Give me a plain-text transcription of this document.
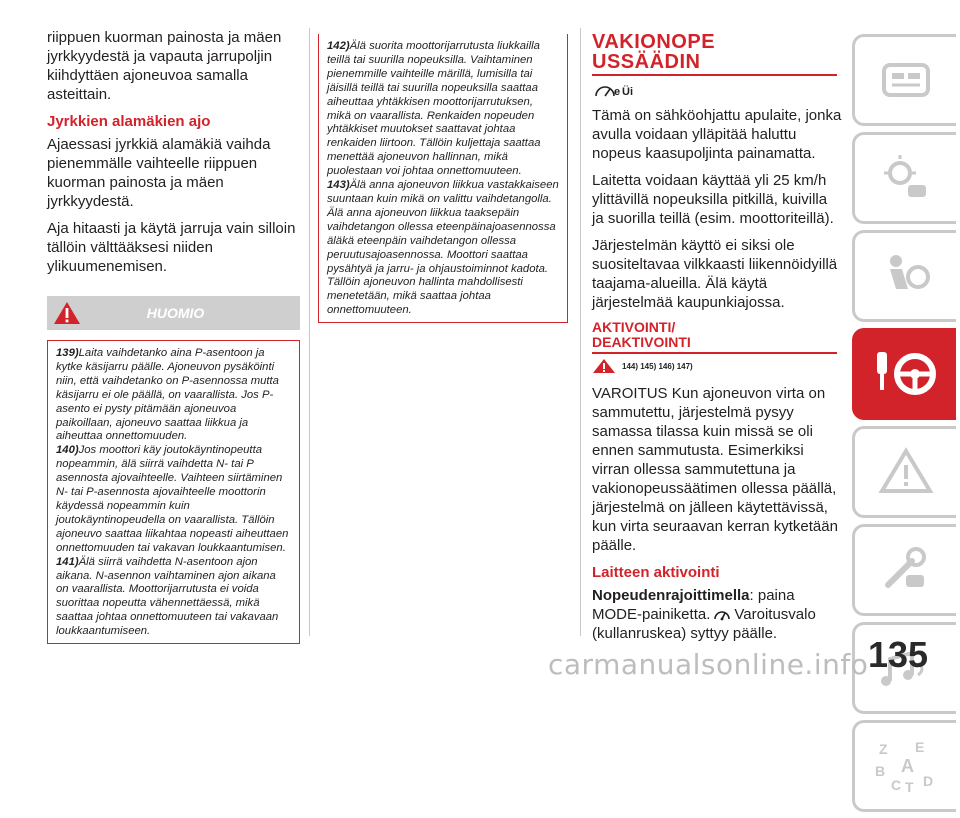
riippuen kuorman painosta ja mäen jyrkkyydestä ja vapauta jarrupoljin kiihdyttäen ajoneuvoa samalla asteittain.

Jyrkkien alamäkien ajo

Ajaessasi jyrkkiä alamäkiä vaihda pienemmälle vaihteelle riippuen kuorman painosta ja mäen jyrkkyydestä.

Aja hitaasti ja käytä jarruja vain silloin tällöin välttääksesi niiden ylikuumenemisen.

HUOMIO

139)Laita vaihdetanko aina P-asentoon ja kytke käsijarru päälle. Ajoneuvon pysäköinti niin, että vaihdetanko on P-asennossa mutta käsijarru ei ole päällä, on vaarallista. Jos P-asento ei pysty pitämään ajoneuvoa paikoillaan, ajoneuvo saattaa liikkua ja aiheuttaa onnettomuuden.

140)Jos moottori käy joutokäyntinopeutta nopeammin, älä siirrä vaihdetta N- tai P asennosta ajovaihteelle. Vaihteen siirtäminen N- tai P-asennosta ajovaihteelle moottorin käydessä nopeammin kuin joutokäyntinopeudella on vaarallista. Tällöin ajoneuvo saattaa liikahtaa nopeasti aiheuttaen onnettomuuden tai vakavan loukkaantumisen.

141)Älä siirrä vaihdetta N-asentoon ajon aikana. N-asennon vaihtaminen ajon aikana on vaarallista. Moottorijarrutusta ei voida suorittaa nopeutta vähennettäessä, mikä saattaa johtaa onnettomuuteen tai vakavaan loukkaantumiseen.

142)Älä suorita moottorijarrutusta liukkailla teillä tai suurilla nopeuksilla. Vaihtaminen pienemmille vaihteille märillä, lumisilla tai jäisillä teillä tai suurilla nopeuksilla saattaa aiheuttaa yhtäkkisen moottorijarrutuksen, mikä on vaarallista. Renkaiden nopeuden yhtäkkiset muutokset saattavat johtaa renkaiden liirtoon. Tällöin kuljettaja saattaa menettää ajoneuvon hallinnan, mikä puolestaan voi johtaa onnettomuuteen.

143)Älä anna ajoneuvon liikkua vastakkaiseen suuntaan kuin mikä on valittu vaihdetangolla. Älä anna ajoneuvon liikkua taaksepäin vaihdetangon ollessa eteenpäinajoasennossa äläkä eteenpäin vaihdetangon ollessa peruutusajoasennossa. Moottori saattaa pysähtyä ja jarru- ja ohjaustoiminnot kadota. Tällöin ajoneuvon hallinta mahdollisesti menetetään, mikä saattaa johtaa onnettomuuteen.

VAKIONOPE
USSÄÄDIN
e Ü i

Tämä on sähköohjattu apulaite, jonka avulla voidaan ylläpitää haluttu nopeus kaasupoljinta painamatta.

Laitetta voidaan käyttää yli 25 km/h ylittävillä nopeuksilla pitkillä, kuivilla ja suorilla teillä (esim. moottoriteillä).

Järjestelmän käyttö ei siksi ole suositeltavaa vilkkaasti liikennöidyillä taajama-alueilla. Älä käytä järjestelmää kaupunkiajossa.

AKTIVOINTI/
DEAKTIVOINTI
144) 145) 146) 147)

VAROITUS Kun ajoneuvon virta on sammutettu, järjestelmä pysyy samassa tilassa kuin missä se oli ennen sammutusta. Esimerkiksi virran ollessa sammutettuna ja vakionopeussäätimen ollessa päällä, järjestelmä on jälleen käytettävissä, kun virta seuraavan kerran kytketään päälle.

Laitteen aktivointi

Nopeudenrajoittimella: paina MODE-painiketta. Varoitusvalo (kullanruskea) syttyy päälle.

Z E
B A
C T D
carmanualsonline.info 135
